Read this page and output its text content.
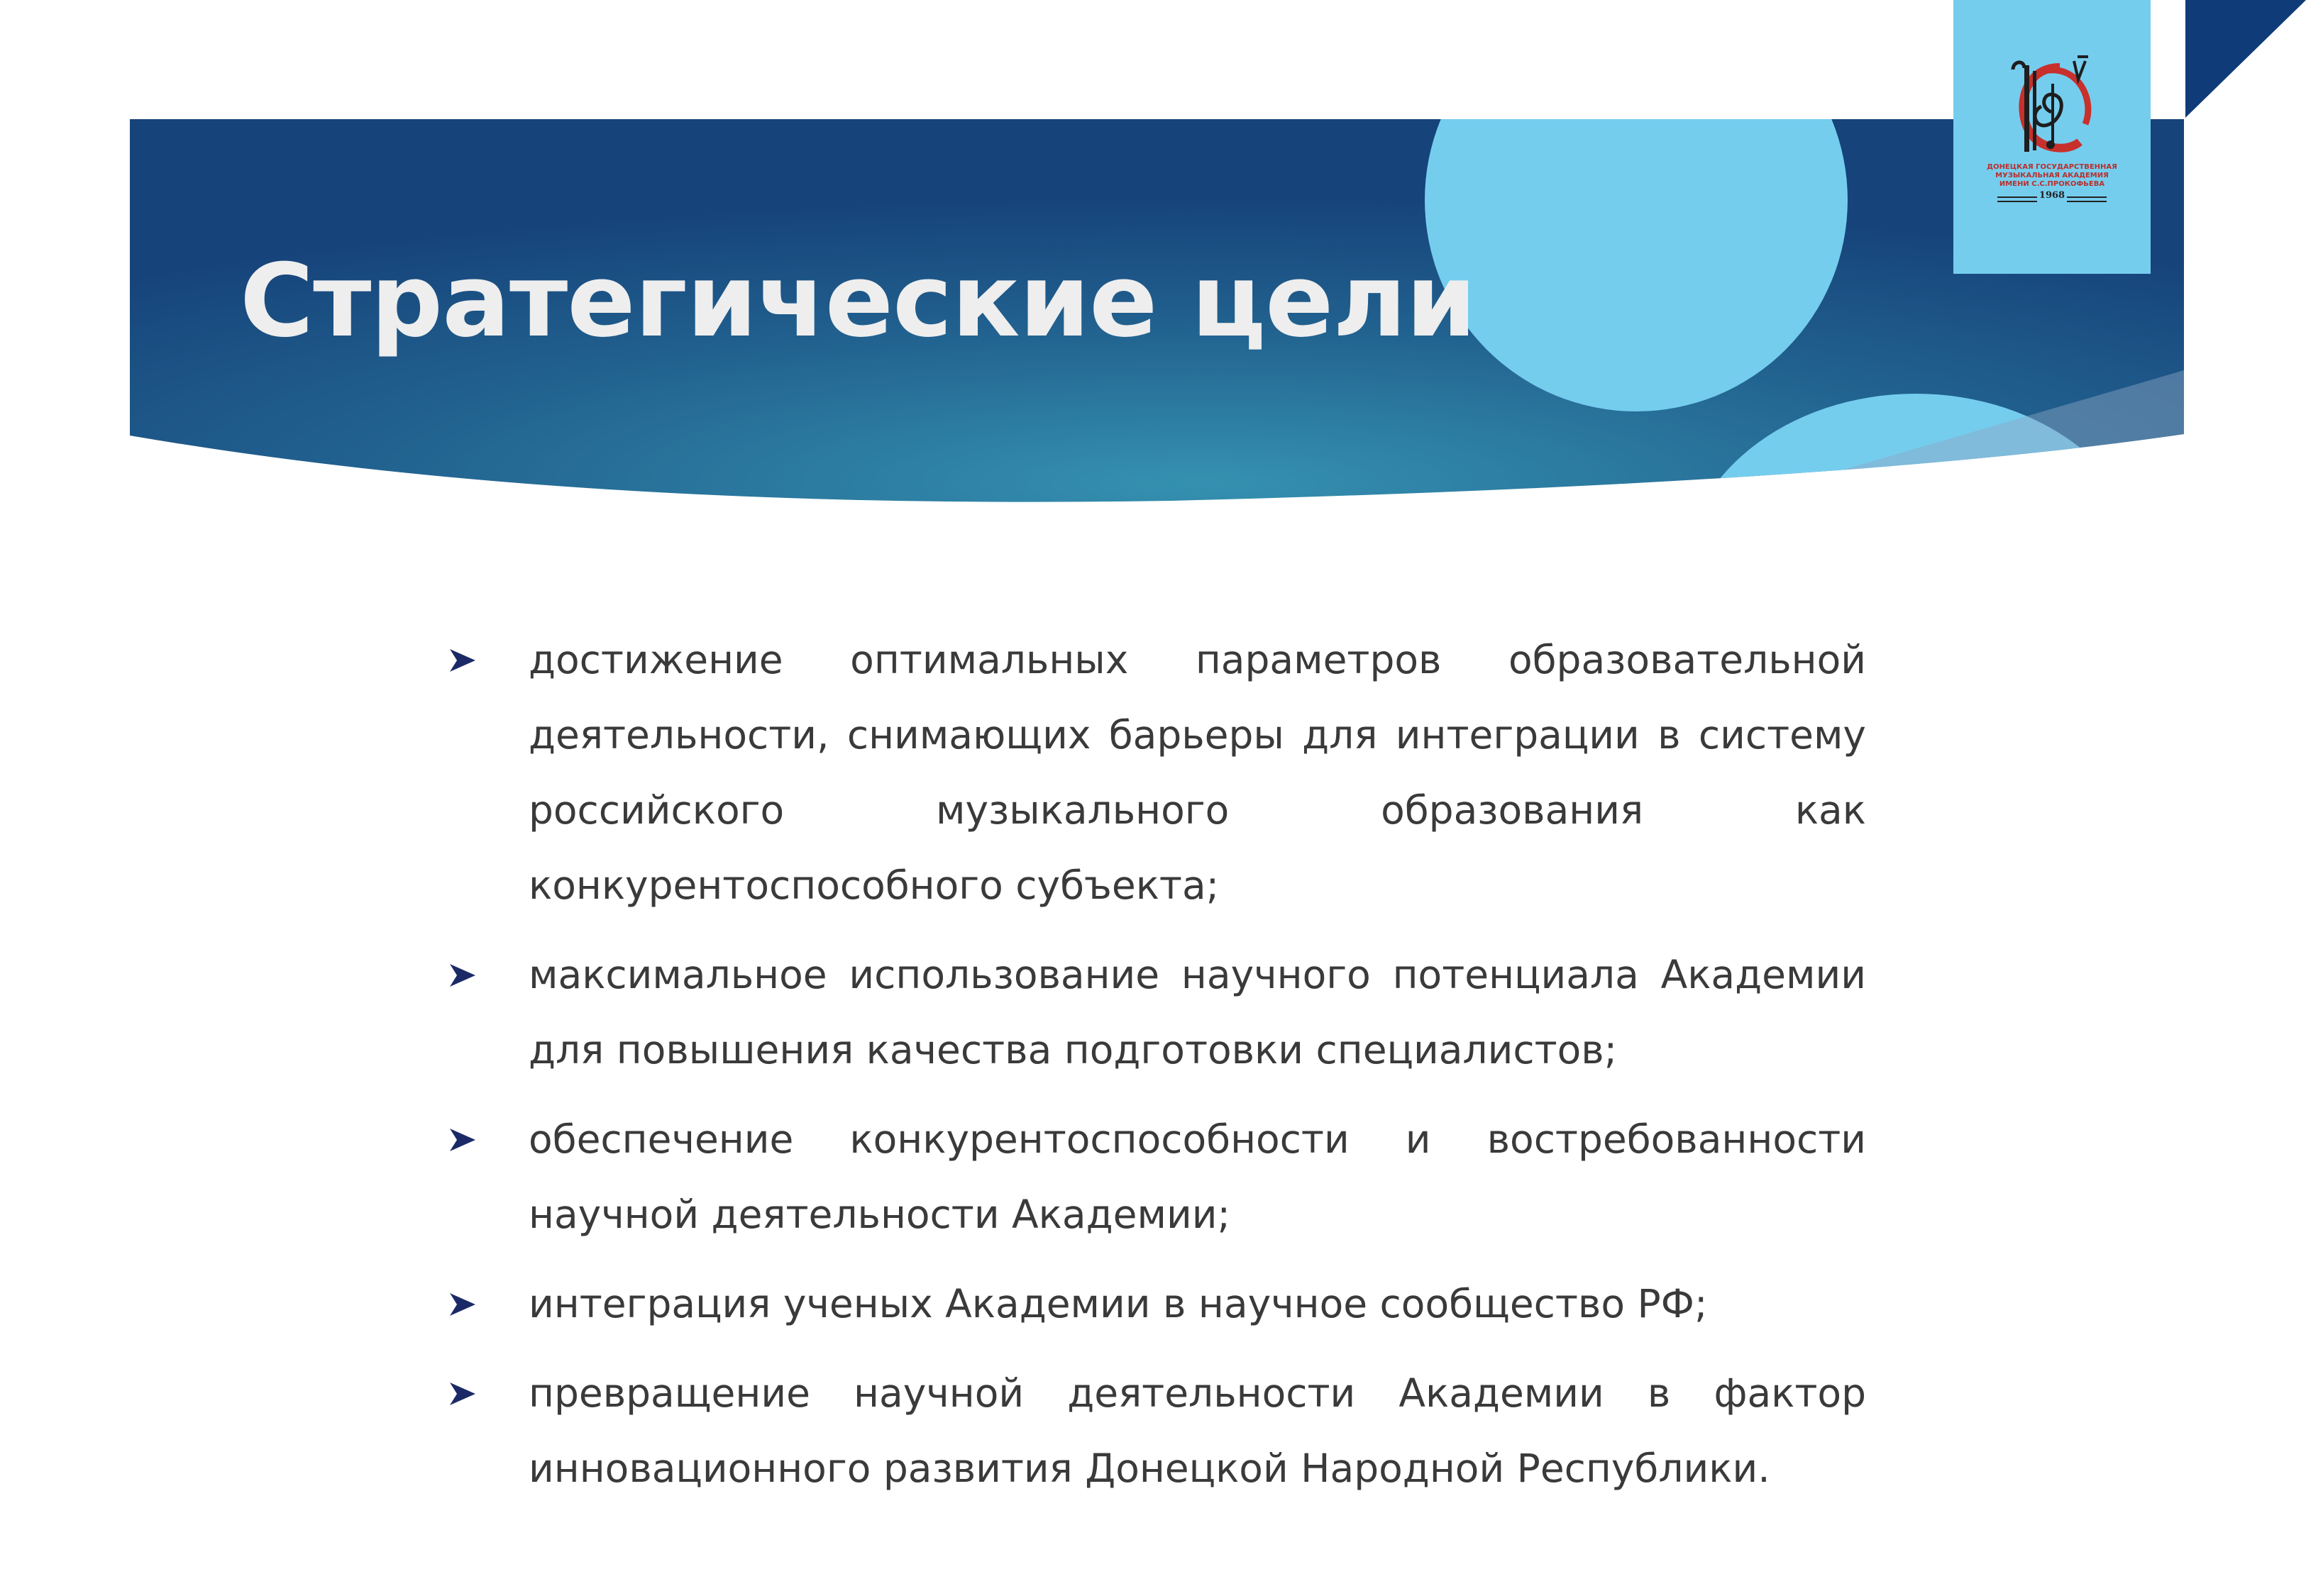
Стратегические цели
ДОНЕЦКАЯ ГОСУДАРСТВЕННАЯ
МУЗЫКАЛЬНАЯ АКАДЕМИЯ
ИМЕНИ С.С.ПРОКОФЬЕВА
1968
достижение оптимальных параметров образовательной деятельности, снимающих барьеры для интеграции в систему российского музыкального образования как конкурентоспособного субъекта;
максимальное использование научного потенциала Академии для повышения качества подготовки специалистов;
обеспечение конкурентоспособности и востребованности научной деятельности Академии;
интеграция ученых Академии в научное сообщество РФ;
превращение научной деятельности Академии в фактор инновационного развития Донецкой Народной Республики.
